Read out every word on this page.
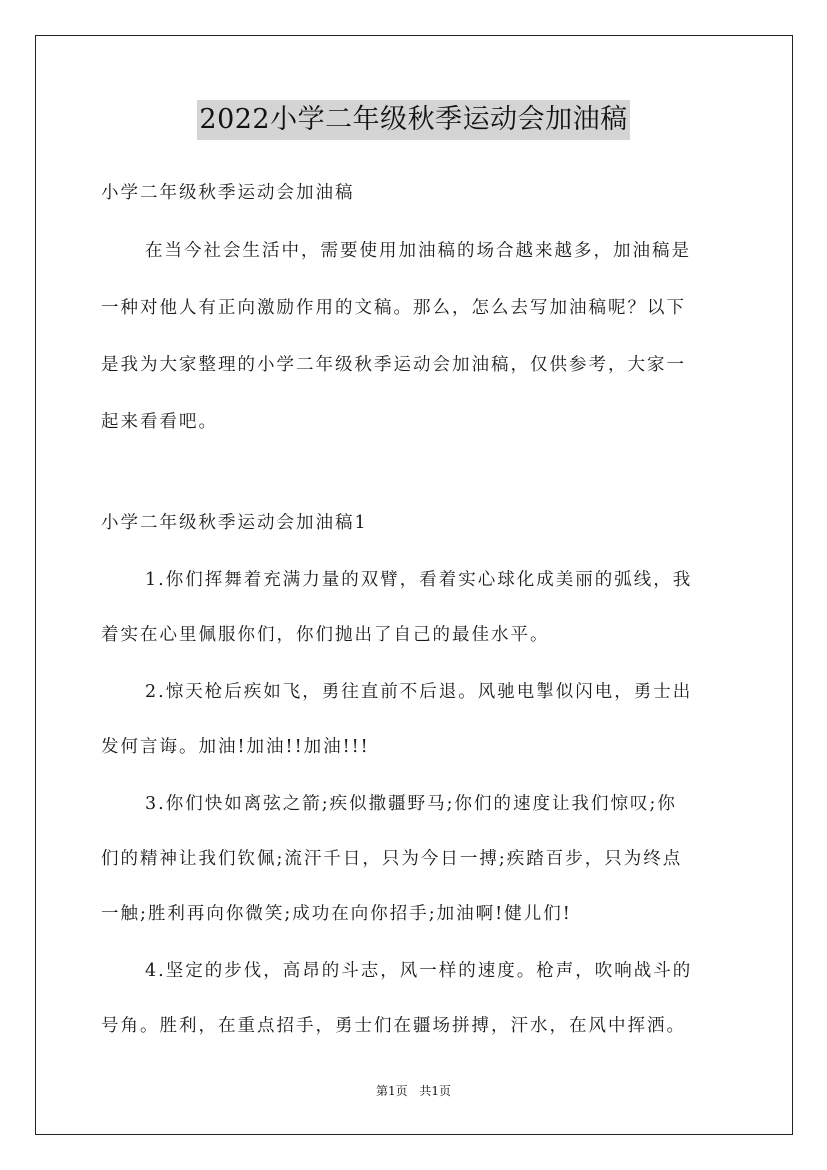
2022小学二年级秋季运动会加油稿
小学二年级秋季运动会加油稿
在当今社会生活中，需要使用加油稿的场合越来越多，加油稿是
一种对他人有正向激励作用的文稿。那么，怎么去写加油稿呢？以下
是我为大家整理的小学二年级秋季运动会加油稿，仅供参考，大家一
起来看看吧。
小学二年级秋季运动会加油稿1
1.你们挥舞着充满力量的双臂，看着实心球化成美丽的弧线，我
着实在心里佩服你们，你们抛出了自己的最佳水平。
2.惊天枪后疾如飞，勇往直前不后退。风驰电掣似闪电，勇士出
发何言诲。加油!加油!!加油!!!
3.你们快如离弦之箭;疾似撒疆野马;你们的速度让我们惊叹;你
们的精神让我们钦佩;流汗千日，只为今日一搏;疾踏百步，只为终点
一触;胜利再向你微笑;成功在向你招手;加油啊!健儿们!
4.坚定的步伐，高昂的斗志，风一样的速度。枪声，吹响战斗的
号角。胜利，在重点招手，勇士们在疆场拼搏，汗水，在风中挥洒。
第1页 共1页
